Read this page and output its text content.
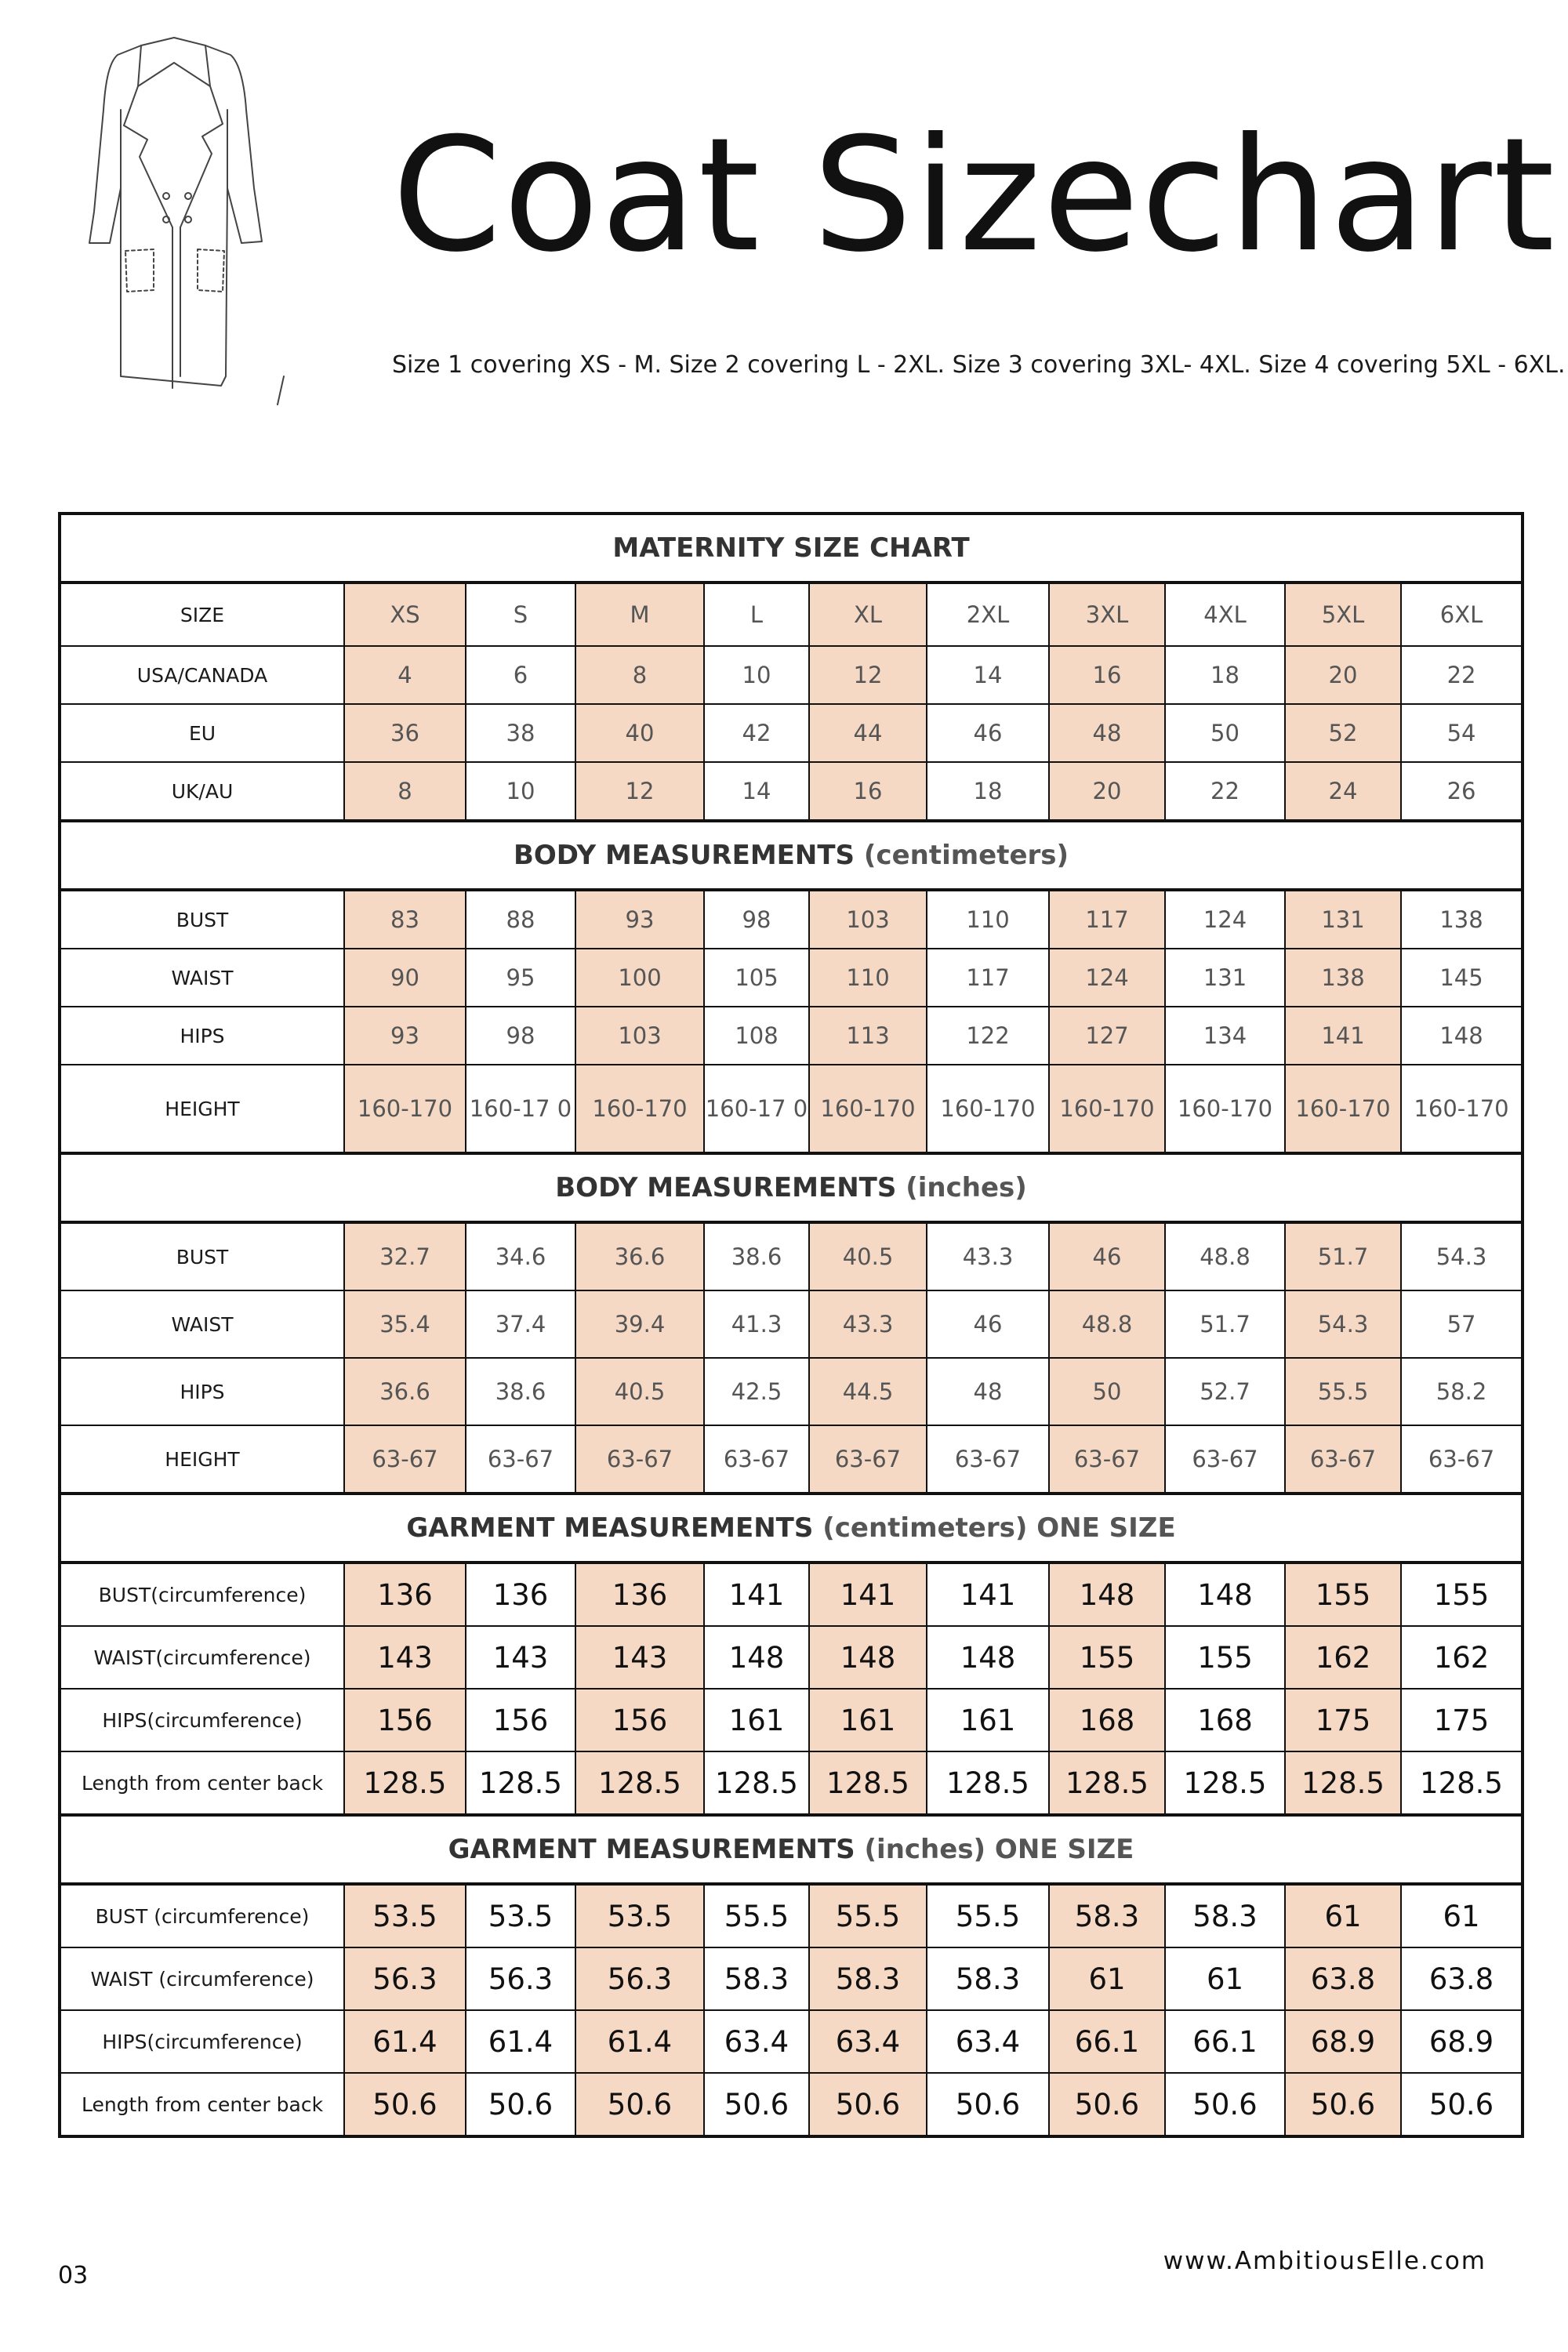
Coat Sizechart
Size 1 covering XS - M. Size 2 covering L - 2XL. Size 3 covering 3XL- 4XL. Size 4 covering 5XL - 6XL.
MATERNITY SIZE CHART										
SIZE	XS	S	M	L	XL	2XL	3XL	4XL	5XL	6XL
USA/CANADA	4	6	8	10	12	14	16	18	20	22
EU	36	38	40	42	44	46	48	50	52	54
UK/AU	8	10	12	14	16	18	20	22	24	26
BODY MEASUREMENTS (centimeters)										
BUST	83	88	93	98	103	110	117	124	131	138
WAIST	90	95	100	105	110	117	124	131	138	145
HIPS	93	98	103	108	113	122	127	134	141	148
HEIGHT	160-170	160-17 0	160-170	160-17 0	160-170	160-170	160-170	160-170	160-170	160-170
BODY MEASUREMENTS (inches)										
BUST	32.7	34.6	36.6	38.6	40.5	43.3	46	48.8	51.7	54.3
WAIST	35.4	37.4	39.4	41.3	43.3	46	48.8	51.7	54.3	57
HIPS	36.6	38.6	40.5	42.5	44.5	48	50	52.7	55.5	58.2
HEIGHT	63-67	63-67	63-67	63-67	63-67	63-67	63-67	63-67	63-67	63-67
GARMENT MEASUREMENTS (centimeters) ONE SIZE										
BUST(circumference)	136	136	136	141	141	141	148	148	155	155
WAIST(circumference)	143	143	143	148	148	148	155	155	162	162
HIPS(circumference)	156	156	156	161	161	161	168	168	175	175
Length from center back	128.5	128.5	128.5	128.5	128.5	128.5	128.5	128.5	128.5	128.5
GARMENT MEASUREMENTS (inches) ONE SIZE										
BUST (circumference)	53.5	53.5	53.5	55.5	55.5	55.5	58.3	58.3	61	61
WAIST (circumference)	56.3	56.3	56.3	58.3	58.3	58.3	61	61	63.8	63.8
HIPS(circumference)	61.4	61.4	61.4	63.4	63.4	63.4	66.1	66.1	68.9	68.9
Length from center back	50.6	50.6	50.6	50.6	50.6	50.6	50.6	50.6	50.6	50.6
03
www.AmbitiousElle.com
